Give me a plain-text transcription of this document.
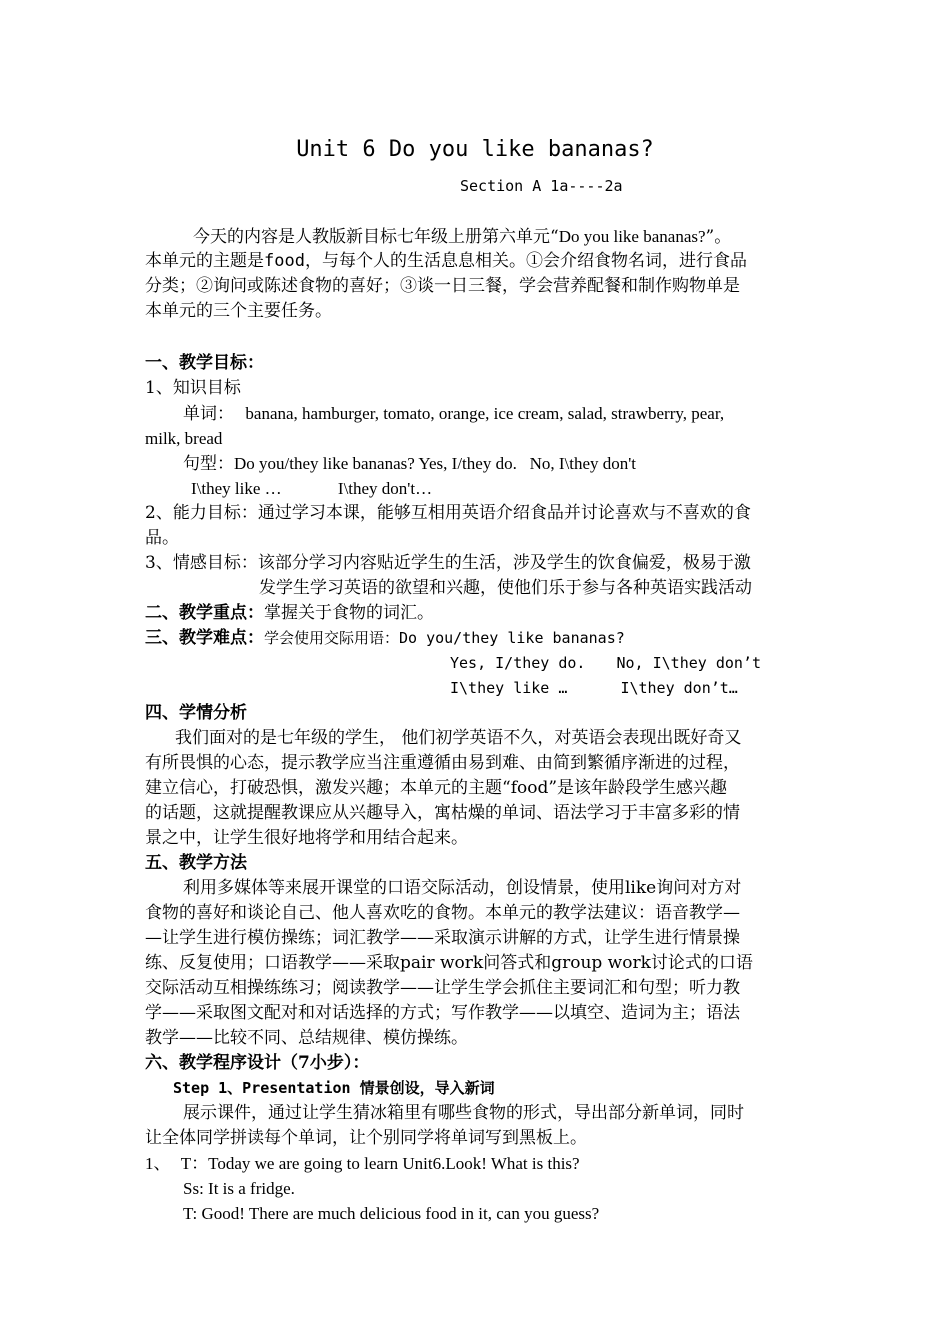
Unit 6 Do you like bananas?
Section A 1a----2a
今天的内容是人教版新目标七年级上册第六单元“Do you like bananas?”。
本单元的主题是food，与每个人的生活息息相关。①会介绍食物名词，进行食品
分类；②询问或陈述食物的喜好；③谈一日三餐，学会营养配餐和制作购物单是
本单元的三个主要任务。
一、教学目标：
1、知识目标
单词： banana, hamburger, tomato, orange, ice cream, salad, strawberry, pear,
milk, bread
句型：Do you/they like bananas? Yes, I/they do.   No, I\they don't
I\they like …	I\they don't…
2、能力目标：通过学习本课，能够互相用英语介绍食品并讨论喜欢与不喜欢的食
品。
3、情感目标：该部分学习内容贴近学生的生活，涉及学生的饮食偏爱，极易于激
发学生学习英语的欲望和兴趣，使他们乐于参与各种英语实践活动
二、教学重点：掌握关于食物的词汇。
三、教学难点：学会使用交际用语：Do you/they like bananas?
Yes, I/they do. No, I\they don’t
I\they like …	I\they don’t…
四、学情分析
我们面对的是七年级的学生， 他们初学英语不久，对英语会表现出既好奇又
有所畏惧的心态，提示教学应当注重遵循由易到难、由简到繁循序渐进的过程，
建立信心，打破恐惧，激发兴趣；本单元的主题“food”是该年龄段学生感兴趣
的话题，这就提醒教课应从兴趣导入，寓枯燥的单词、语法学习于丰富多彩的情
景之中，让学生很好地将学和用结合起来。
五、教学方法
利用多媒体等来展开课堂的口语交际活动，创设情景，使用like询问对方对
食物的喜好和谈论自己、他人喜欢吃的食物。本单元的教学法建议：语音教学—
—让学生进行模仿操练；词汇教学——采取演示讲解的方式，让学生进行情景操
练、反复使用；口语教学——采取pair work问答式和group work讨论式的口语
交际活动互相操练练习；阅读教学——让学生学会抓住主要词汇和句型；听力教
学——采取图文配对和对话选择的方式；写作教学——以填空、造词为主；语法
教学——比较不同、总结规律、模仿操练。
六、教学程序设计（7小步）：
Step 1、Presentation 情景创设，导入新词
展示课件，通过让学生猜冰箱里有哪些食物的形式，导出部分新单词，同时
让全体同学拼读每个单词，让个别同学将单词写到黑板上。
1、 T：Today we are going to learn Unit6.Look! What is this?
Ss: It is a fridge.
T: Good! There are much delicious food in it, can you guess?
